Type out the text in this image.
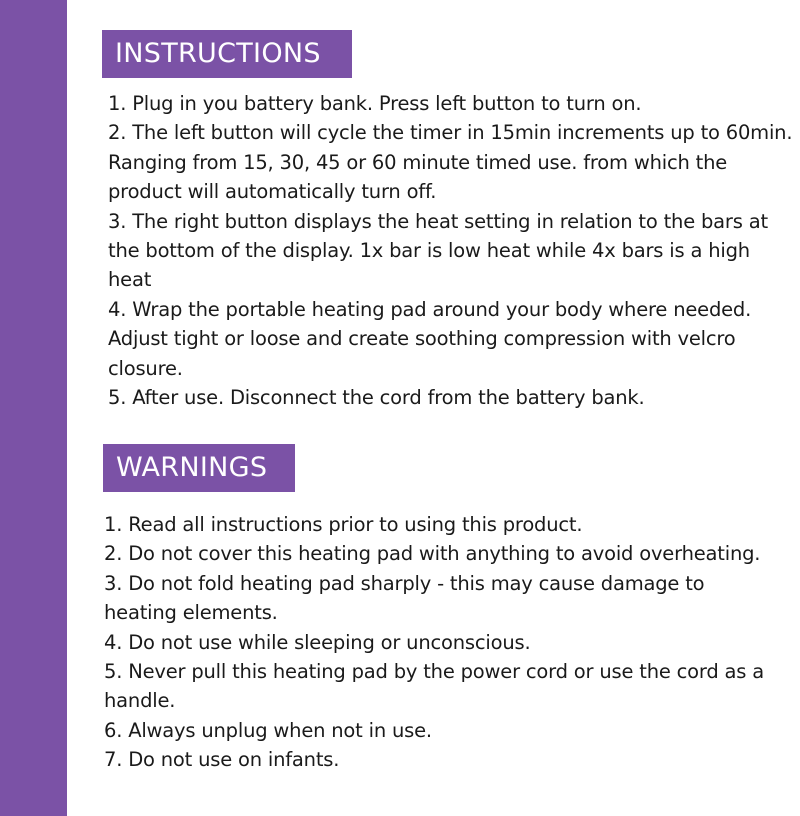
INSTRUCTIONS
1. Plug in you battery bank. Press left button to turn on.
2. The left button will cycle the timer in 15min increments up to 60min. Ranging from 15, 30, 45 or 60 minute timed use. from which the product will automatically turn off.
3. The right button displays the heat setting in relation to the bars at the bottom of the display. 1x bar is low heat while 4x bars is a high heat
4. Wrap the portable heating pad around your body where needed. Adjust tight or loose and create soothing compression with velcro closure.
5. After use. Disconnect the cord from the battery bank.
WARNINGS
1. Read all instructions prior to using this product.
2. Do not cover this heating pad with anything to avoid overheating.
3. Do not fold heating pad sharply - this may cause damage to heating elements.
4. Do not use while sleeping or unconscious.
5. Never pull this heating pad by the power cord or use the cord as a handle.
6. Always unplug when not in use.
7. Do not use on infants.
